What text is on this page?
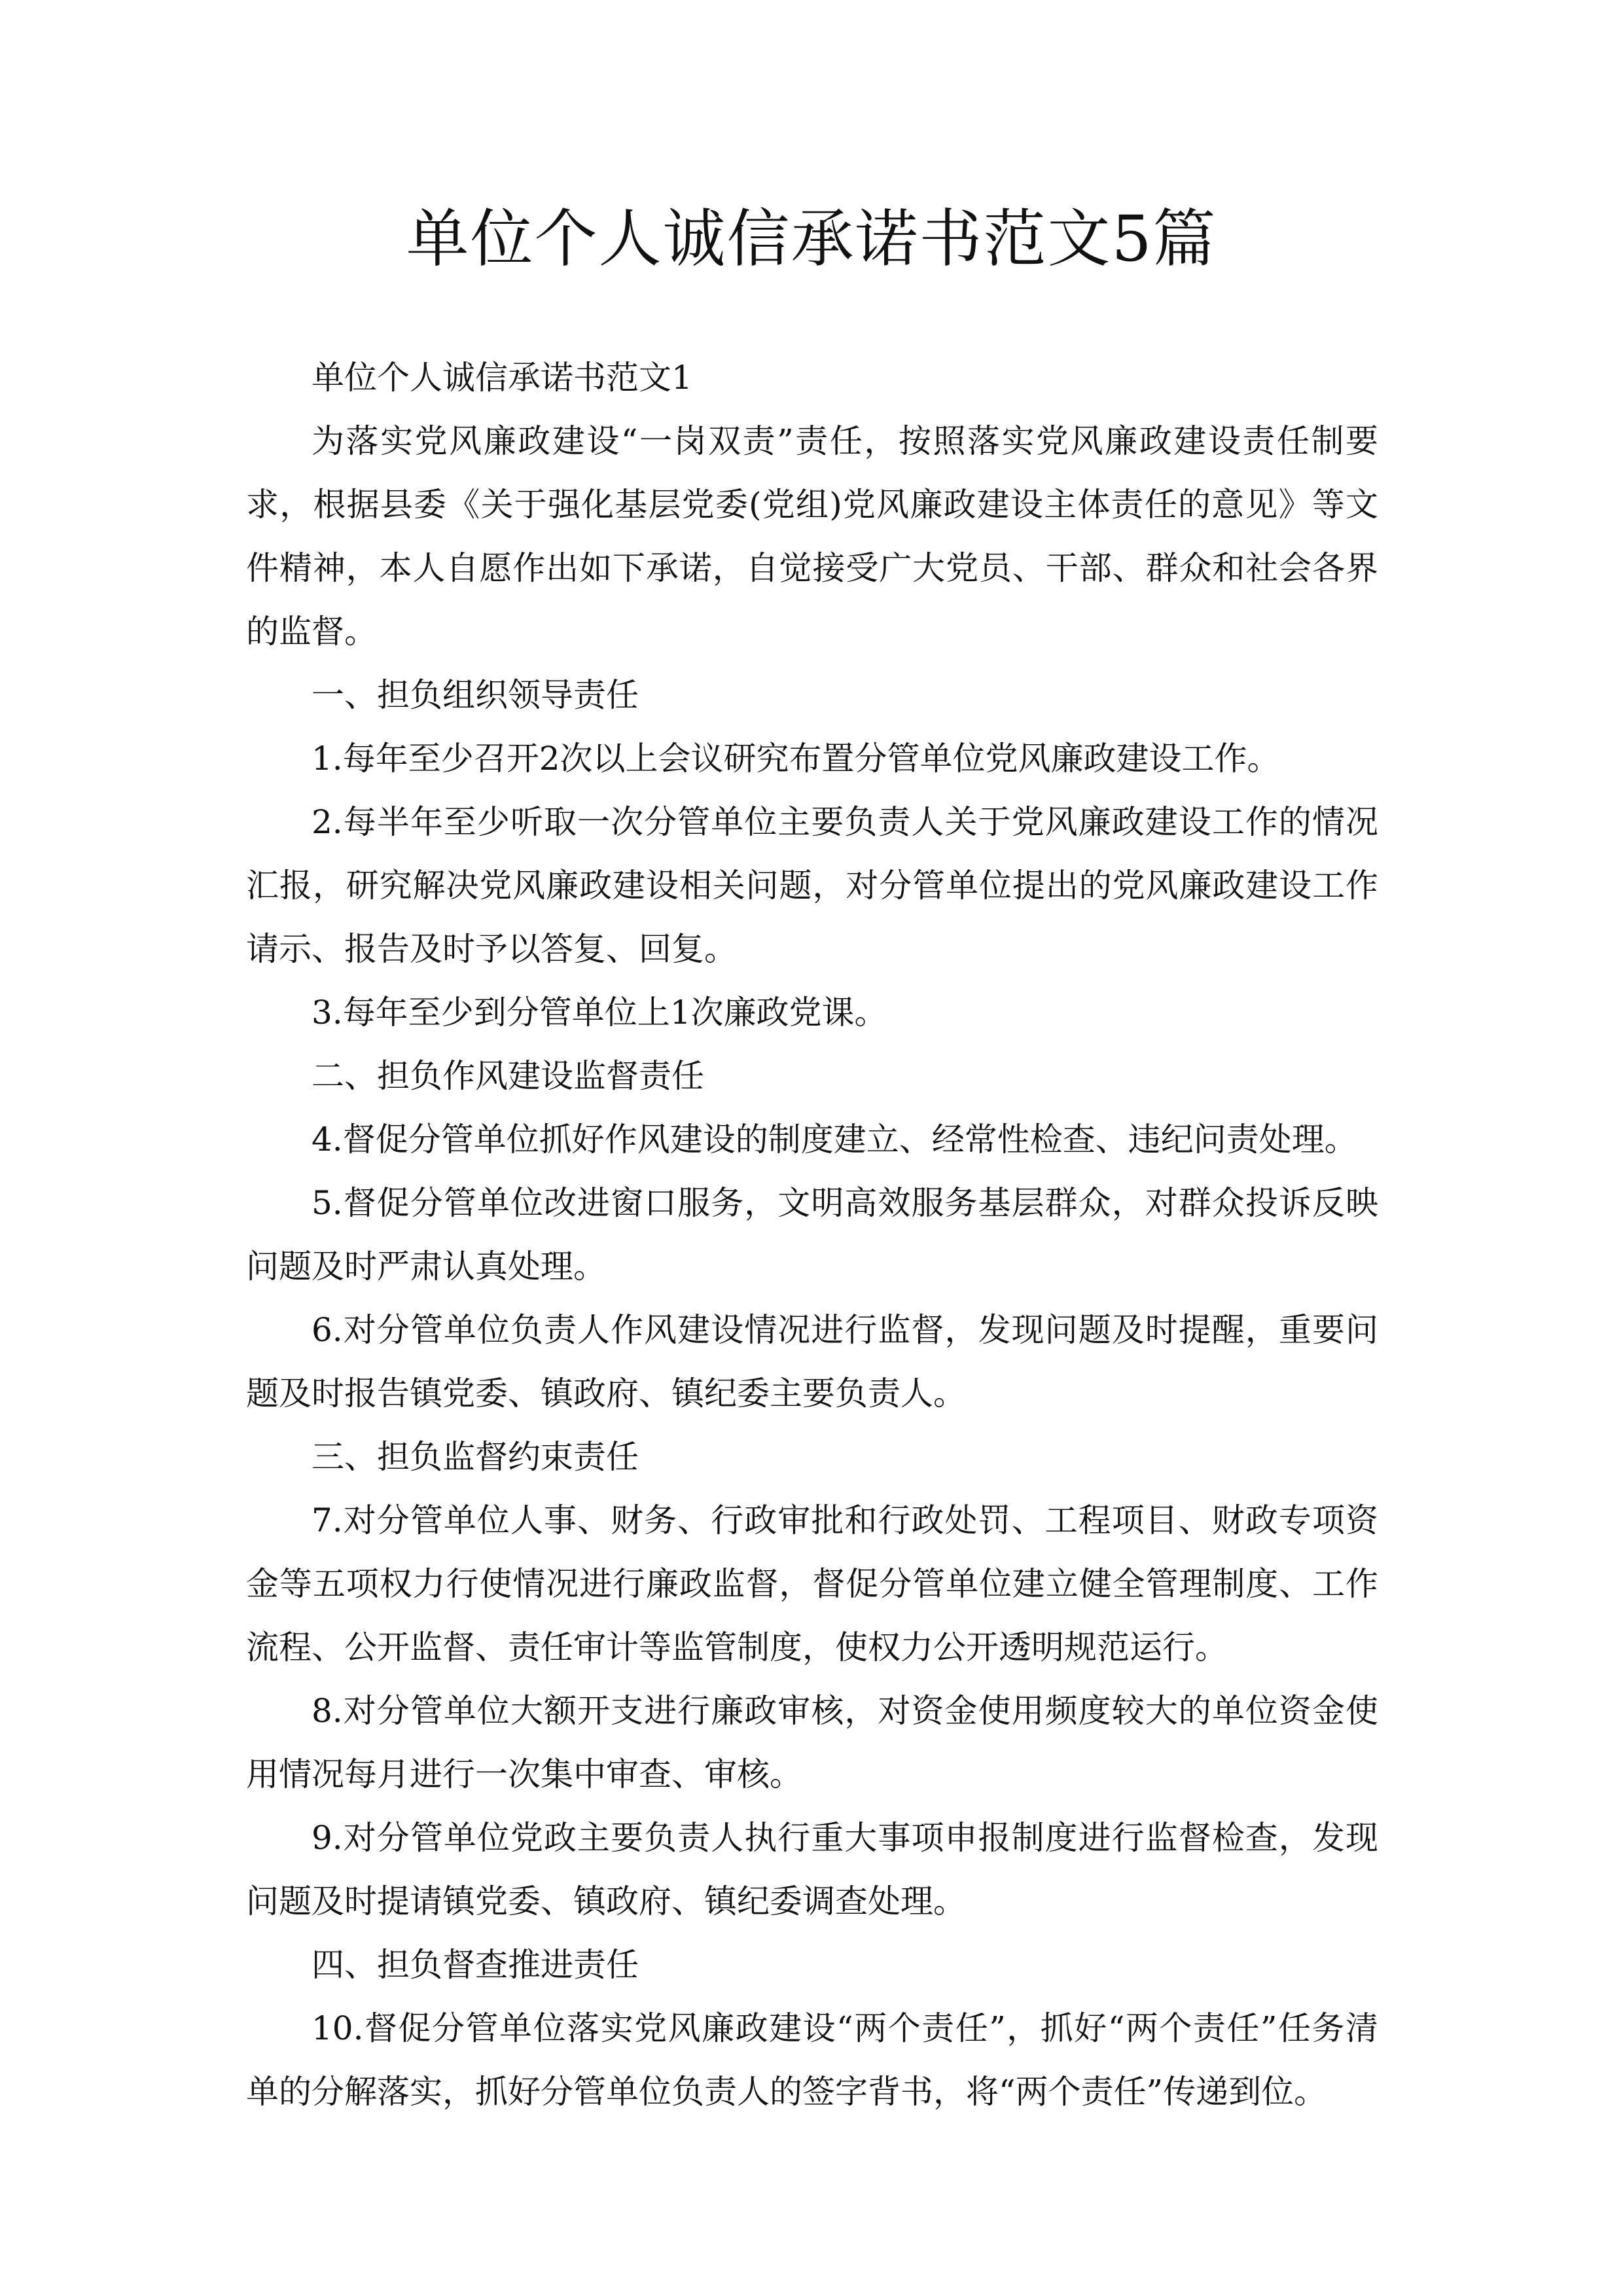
单位个人诚信承诺书范文5篇

单位个人诚信承诺书范文1

为落实党风廉政建设“一岗双责”责任，按照落实党风廉政建设责任制要求，根据县委《关于强化基层党委(党组)党风廉政建设主体责任的意见》等文件精神，本人自愿作出如下承诺，自觉接受广大党员、干部、群众和社会各界的监督。

一、担负组织领导责任

1.每年至少召开2次以上会议研究布置分管单位党风廉政建设工作。

2.每半年至少听取一次分管单位主要负责人关于党风廉政建设工作的情况汇报，研究解决党风廉政建设相关问题，对分管单位提出的党风廉政建设工作请示、报告及时予以答复、回复。

3.每年至少到分管单位上1次廉政党课。

二、担负作风建设监督责任

4.督促分管单位抓好作风建设的制度建立、经常性检查、违纪问责处理。

5.督促分管单位改进窗口服务，文明高效服务基层群众，对群众投诉反映问题及时严肃认真处理。

6.对分管单位负责人作风建设情况进行监督，发现问题及时提醒，重要问题及时报告镇党委、镇政府、镇纪委主要负责人。

三、担负监督约束责任

7.对分管单位人事、财务、行政审批和行政处罚、工程项目、财政专项资金等五项权力行使情况进行廉政监督，督促分管单位建立健全管理制度、工作流程、公开监督、责任审计等监管制度，使权力公开透明规范运行。

8.对分管单位大额开支进行廉政审核，对资金使用频度较大的单位资金使用情况每月进行一次集中审查、审核。

9.对分管单位党政主要负责人执行重大事项申报制度进行监督检查，发现问题及时提请镇党委、镇政府、镇纪委调查处理。

四、担负督查推进责任

10.督促分管单位落实党风廉政建设“两个责任”，抓好“两个责任”任务清单的分解落实，抓好分管单位负责人的签字背书，将“两个责任”传递到位。
